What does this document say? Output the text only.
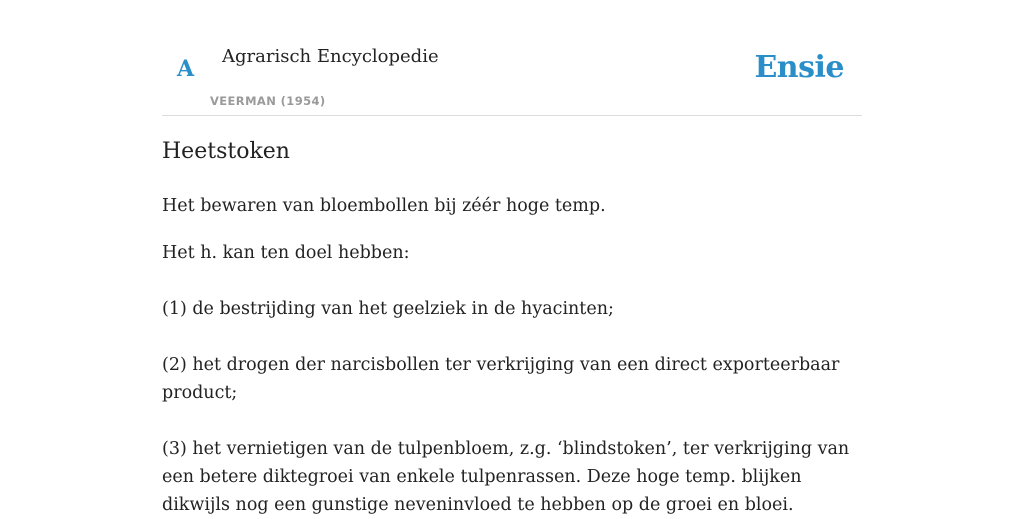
A Agrarisch Encyclopedie
VEERMAN (1954)
Ensie
Heetstoken

Het bewaren van bloembollen bij zéér hoge temp.

Het h. kan ten doel hebben:

(1) de bestrijding van het geelziek in de hyacinten;

(2) het drogen der narcisbollen ter verkrijging van een direct exporteerbaar product;

(3) het vernietigen van de tulpenbloem, z.g. ‘blindstoken’, ter verkrijging van een betere diktegroei van enkele tulpenrassen. Deze hoge temp. blijken dikwijls nog een gunstige neveninvloed te hebben op de groei en bloei.
